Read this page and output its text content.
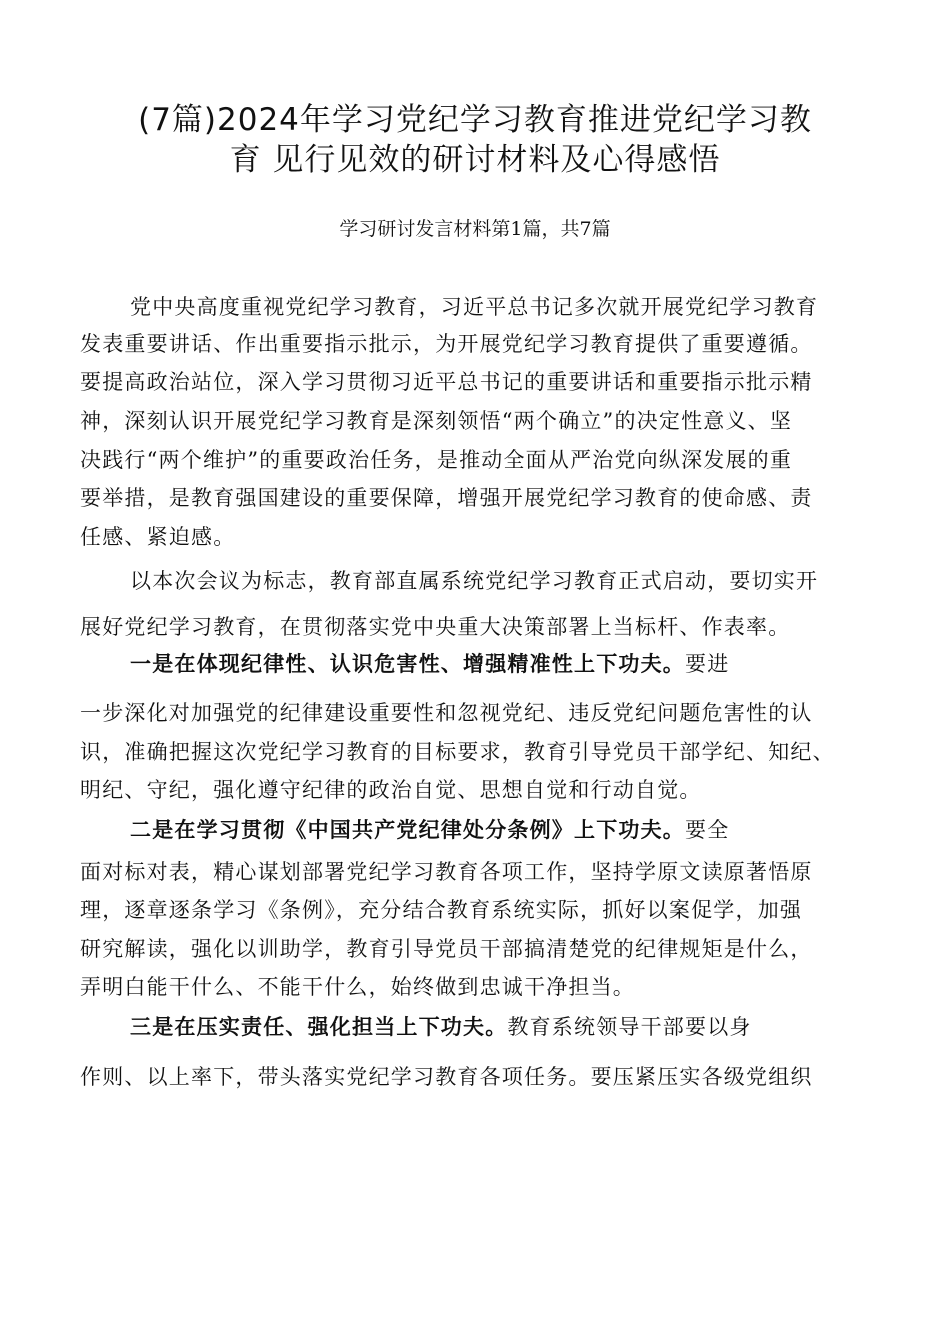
(7篇)2024年学习党纪学习教育推进党纪学习教
育 见行见效的研讨材料及心得感悟
学习研讨发言材料第1篇，共7篇
党中央高度重视党纪学习教育，习近平总书记多次就开展党纪学习教育
发表重要讲话、作出重要指示批示，为开展党纪学习教育提供了重要遵循。
要提高政治站位，深入学习贯彻习近平总书记的重要讲话和重要指示批示精
神，深刻认识开展党纪学习教育是深刻领悟“两个确立”的决定性意义、坚
决践行“两个维护”的重要政治任务，是推动全面从严治党向纵深发展的重
要举措，是教育强国建设的重要保障，增强开展党纪学习教育的使命感、责
任感、紧迫感。
以本次会议为标志，教育部直属系统党纪学习教育正式启动，要切实开
展好党纪学习教育，在贯彻落实党中央重大决策部署上当标杆、作表率。
一是在体现纪律性、认识危害性、增强精准性上下功夫。要进
一步深化对加强党的纪律建设重要性和忽视党纪、违反党纪问题危害性的认
识，准确把握这次党纪学习教育的目标要求，教育引导党员干部学纪、知纪、
明纪、守纪，强化遵守纪律的政治自觉、思想自觉和行动自觉。
二是在学习贯彻《中国共产党纪律处分条例》上下功夫。要全
面对标对表，精心谋划部署党纪学习教育各项工作，坚持学原文读原著悟原
理，逐章逐条学习《条例》，充分结合教育系统实际，抓好以案促学，加强
研究解读，强化以训助学，教育引导党员干部搞清楚党的纪律规矩是什么，
弄明白能干什么、不能干什么，始终做到忠诚干净担当。
三是在压实责任、强化担当上下功夫。教育系统领导干部要以身
作则、以上率下，带头落实党纪学习教育各项任务。要压紧压实各级党组织
